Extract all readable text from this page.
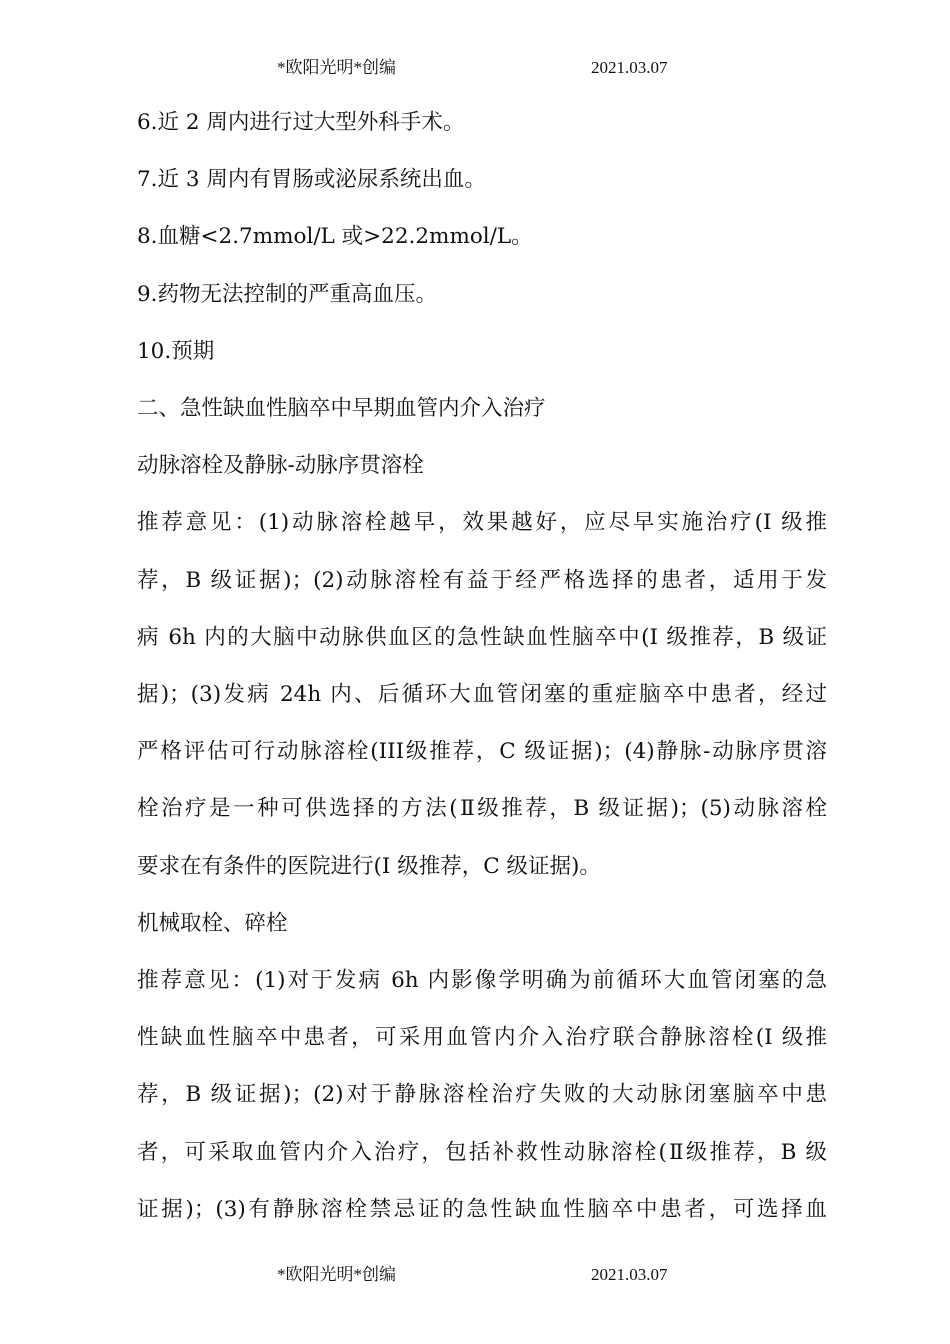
*欧阳光明*创编	2021.03.07

6.近 2 周内进行过大型外科手术。

7.近 3 周内有胃肠或泌尿系统出血。

8.血糖<2.7mmol/L 或>22.2mmol/L。

9.药物无法控制的严重高血压。

10.预期

二、急性缺血性脑卒中早期血管内介入治疗

动脉溶栓及静脉-动脉序贯溶栓

推荐意见：(1)动脉溶栓越早，效果越好，应尽早实施治疗(I 级推

荐，B 级证据)；(2)动脉溶栓有益于经严格选择的患者，适用于发

病 6h 内的大脑中动脉供血区的急性缺血性脑卒中(I 级推荐，B 级证

据)；(3)发病 24h 内、后循环大血管闭塞的重症脑卒中患者，经过

严格评估可行动脉溶栓(III级推荐，C 级证据)；(4)静脉-动脉序贯溶

栓治疗是一种可供选择的方法(Ⅱ级推荐，B 级证据)；(5)动脉溶栓

要求在有条件的医院进行(I 级推荐，C 级证据)。

机械取栓、碎栓

推荐意见：(1)对于发病 6h 内影像学明确为前循环大血管闭塞的急

性缺血性脑卒中患者，可采用血管内介入治疗联合静脉溶栓(I 级推

荐，B 级证据)；(2)对于静脉溶栓治疗失败的大动脉闭塞脑卒中患

者，可采取血管内介入治疗，包括补救性动脉溶栓(Ⅱ级推荐，B 级

证据)；(3)有静脉溶栓禁忌证的急性缺血性脑卒中患者，可选择血

*欧阳光明*创编	2021.03.07
